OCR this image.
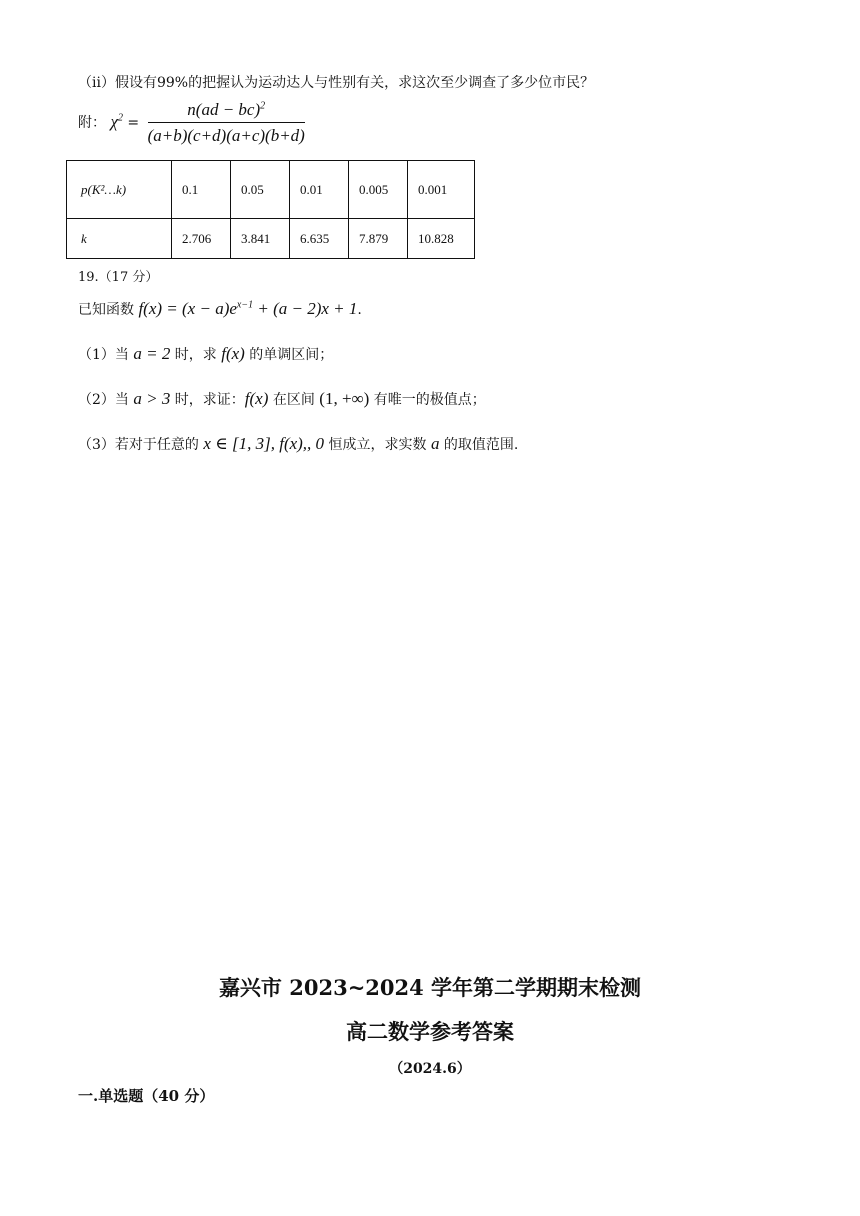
（ii）假设有99%的把握认为运动达人与性别有关，求这次至少调查了多少位市民？
附： $\chi^2 = \frac{n(ad - bc)^2}{(a+b)(c+d)(a+c)(b+d)}$
p(K²…k)	0.1	0.05	0.01	0.005	0.001
k	2.706	3.841	6.635	7.879	10.828
19.（17 分）
已知函数 $f(x) = (x - a)e^{x-1} + (a - 2)x + 1$.
（1）当 a = 2 时，求 f(x) 的单调区间；
（2）当 a > 3 时，求证：f(x) 在区间 (1, +∞) 有唯一的极值点；
（3）若对于任意的 x ∈ [1, 3], f(x),, 0 恒成立，求实数 a 的取值范围.
嘉兴市 2023~2024 学年第二学期期末检测
高二数学参考答案
（2024.6）
一.单选题（40 分）
